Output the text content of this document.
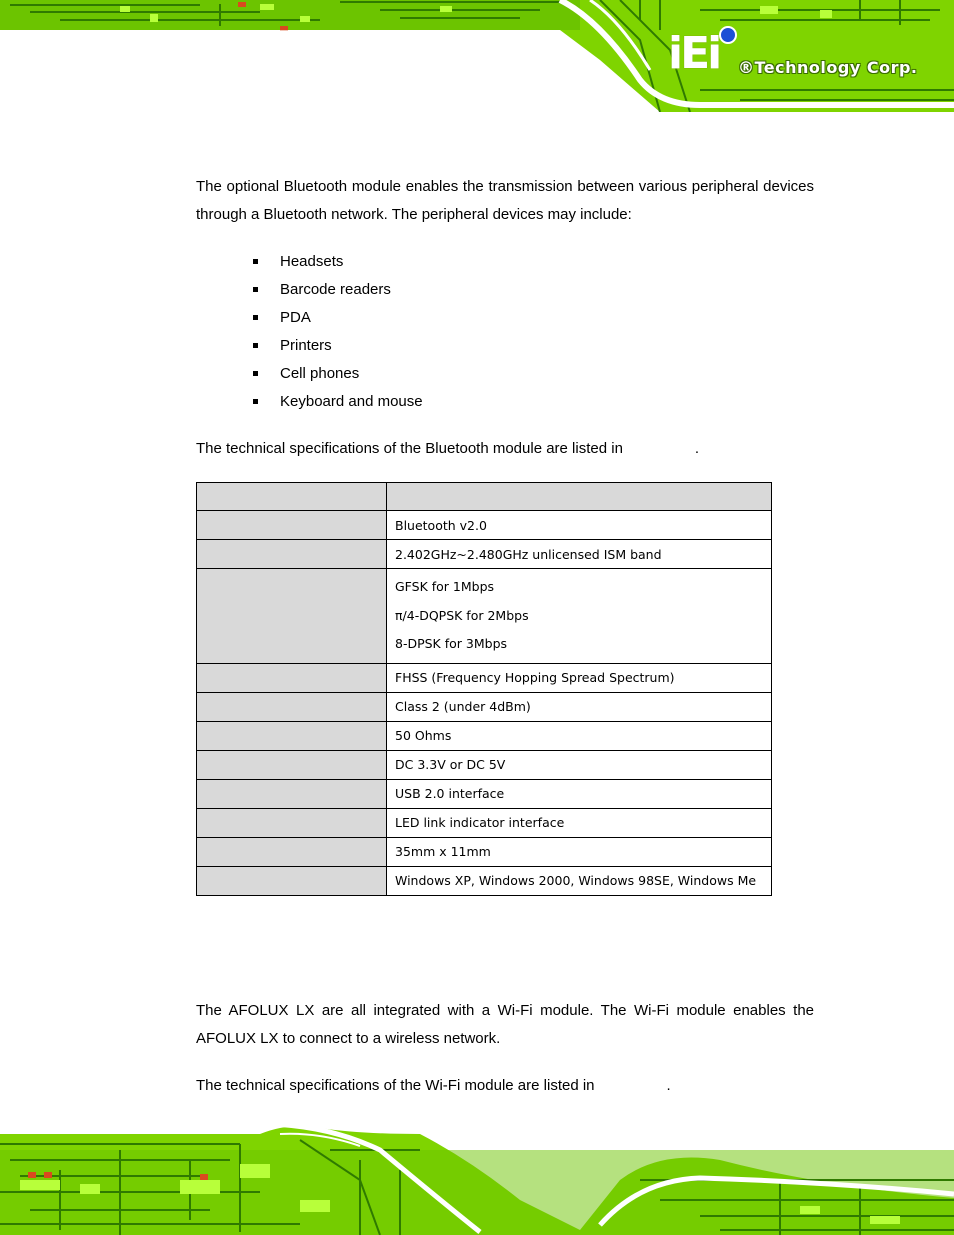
iEi ®Technology Corp.

The optional Bluetooth module enables the transmission between various peripheral devices through a Bluetooth network. The peripheral devices may include:

Headsets
Barcode readers
PDA
Printers
Cell phones
Keyboard and mouse

The technical specifications of the Bluetooth module are listed in	.

	Bluetooth v2.0
	2.402GHz~2.480GHz unlicensed ISM band

	GFSK for 1Mbps
π/4-DQPSK for 2Mbps
8-DPSK for 3Mbps

	FHSS (Frequency Hopping Spread Spectrum)
	Class 2 (under 4dBm)
	50 Ohms
	DC 3.3V or DC 5V
	USB 2.0 interface
	LED link indicator interface
	35mm x 11mm
	Windows XP, Windows 2000, Windows 98SE, Windows Me

The AFOLUX LX are all integrated with a Wi-Fi module. The Wi-Fi module enables the AFOLUX LX to connect to a wireless network.

The technical specifications of the Wi-Fi module are listed in	.
